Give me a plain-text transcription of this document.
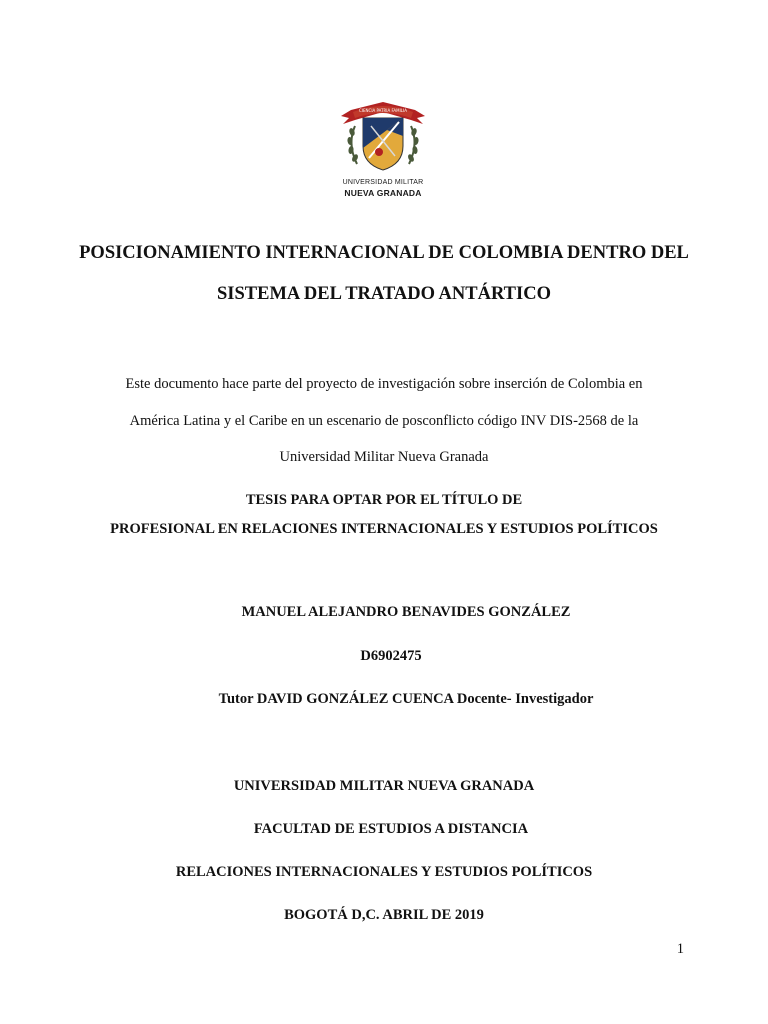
CIENCIA PATRIA FAMILIA
UNIVERSIDAD MILITAR
NUEVA GRANADA
POSICIONAMIENTO INTERNACIONAL DE COLOMBIA DENTRO DEL
SISTEMA DEL TRATADO ANTÁRTICO
Este documento hace parte del proyecto de investigación sobre inserción de Colombia en
América Latina y el Caribe en un escenario de posconflicto código INV DIS-2568 de la
Universidad Militar Nueva Granada
TESIS PARA OPTAR POR EL TÍTULO DE
PROFESIONAL EN RELACIONES INTERNACIONALES Y ESTUDIOS POLÍTICOS
MANUEL ALEJANDRO BENAVIDES GONZÁLEZ
D6902475
Tutor DAVID GONZÁLEZ CUENCA Docente- Investigador
UNIVERSIDAD MILITAR NUEVA GRANADA
FACULTAD DE ESTUDIOS A DISTANCIA
RELACIONES INTERNACIONALES Y ESTUDIOS POLÍTICOS
BOGOTÁ D,C. ABRIL DE 2019
1
